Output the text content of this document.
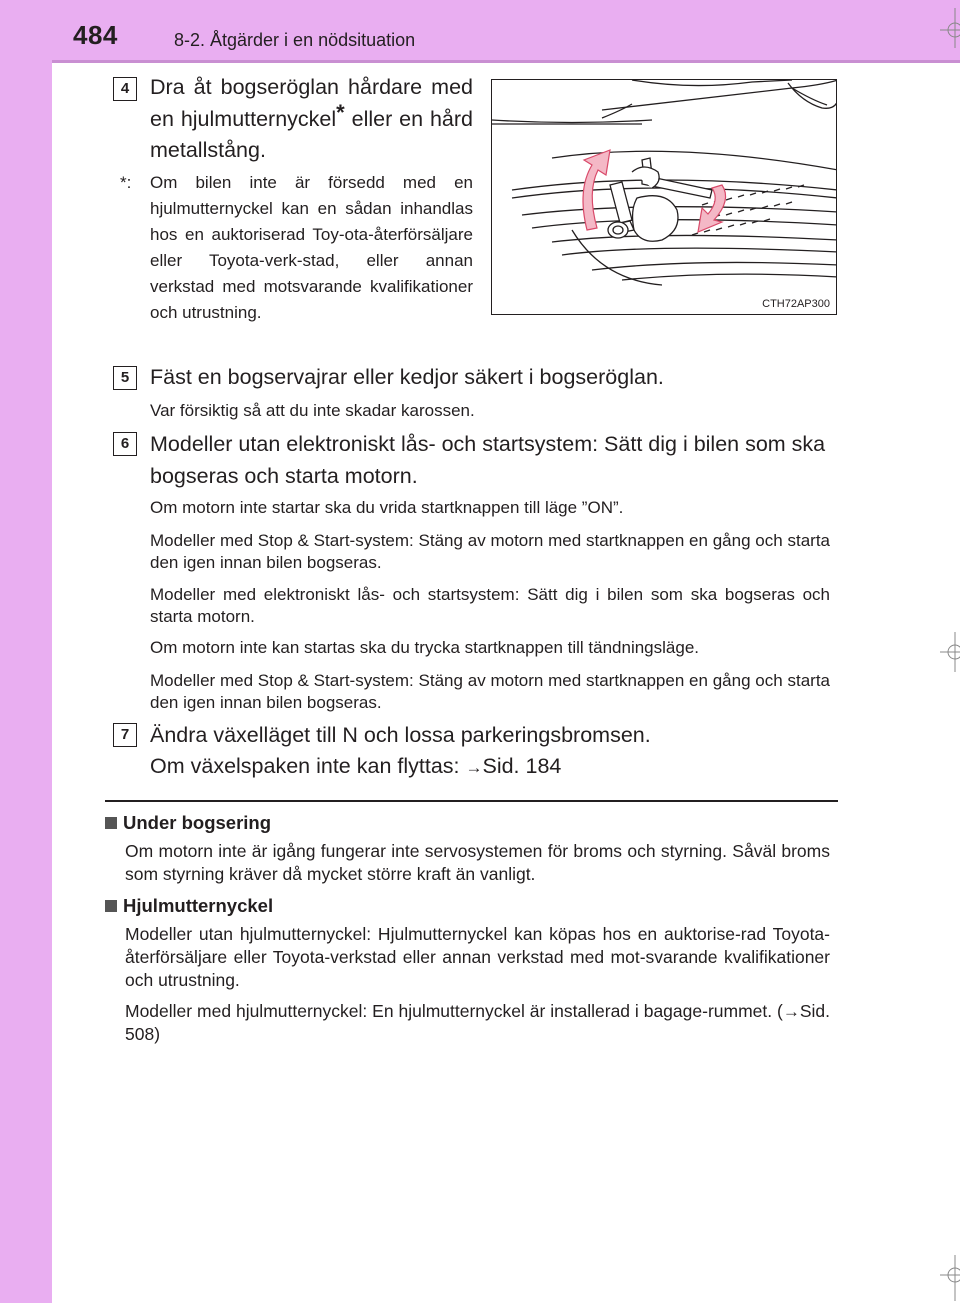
484	8-2. Åtgärder i en nödsituation
4 Dra åt bogseröglan hårdare med en hjulmutternyckel* eller en hård metallstång.
*: Om bilen inte är försedd med en hjulmutternyckel kan en sådan inhandlas hos en auktoriserad Toy-ota-återförsäljare eller Toyota-verk-stad, eller annan verkstad med motsvarande kvalifikationer och utrustning.	CTH72AP300
5 Fäst en bogservajrar eller kedjor säkert i bogseröglan.
Var försiktig så att du inte skadar karossen.
6 Modeller utan elektroniskt lås- och startsystem: Sätt dig i bilen som ska bogseras och starta motorn.
Om motorn inte startar ska du vrida startknappen till läge ”ON”.
Modeller med Stop & Start-system: Stäng av motorn med startknappen en gång och starta den igen innan bilen bogseras.
Modeller med elektroniskt lås- och startsystem: Sätt dig i bilen som ska bogseras och starta motorn.
Om motorn inte kan startas ska du trycka startknappen till tändningsläge.
Modeller med Stop & Start-system: Stäng av motorn med startknappen en gång och starta den igen innan bilen bogseras.
7 Ändra växelläget till N och lossa parkeringsbromsen.
Om växelspaken inte kan flyttas: →Sid. 184
Under bogsering
Om motorn inte är igång fungerar inte servosystemen för broms och styrning. Såväl broms som styrning kräver då mycket större kraft än vanligt.
Hjulmutternyckel
Modeller utan hjulmutternyckel: Hjulmutternyckel kan köpas hos en auktorise-rad Toyota-återförsäljare eller Toyota-verkstad eller annan verkstad med mot-svarande kvalifikationer och utrustning.
Modeller med hjulmutternyckel: En hjulmutternyckel är installerad i bagage-rummet. (→Sid. 508)
